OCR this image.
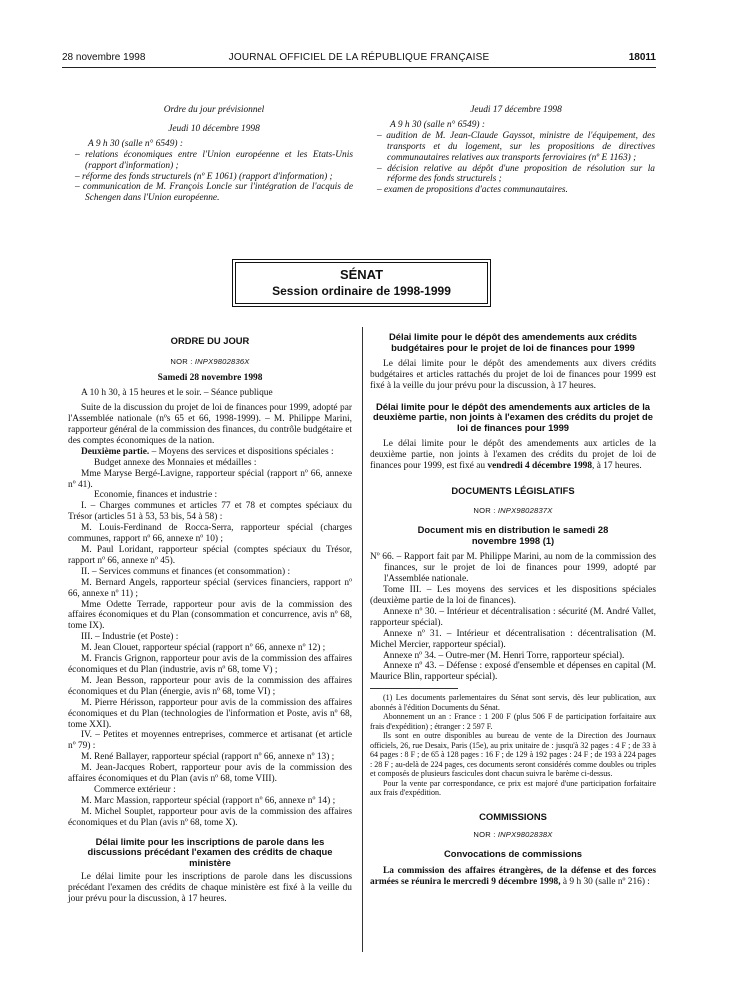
28 novembre 1998	JOURNAL OFFICIEL DE LA RÉPUBLIQUE FRANÇAISE	18011

Ordre du jour prévisionnel

Jeudi 10 décembre 1998

A 9 h 30 (salle n° 6549) :

– relations économiques entre l'Union européenne et les Etats-Unis (rapport d'information) ;

– réforme des fonds structurels (nº E 1061) (rapport d'information) ;

– communication de M. François Loncle sur l'intégration de l'acquis de Schengen dans l'Union européenne.

Jeudi 17 décembre 1998

A 9 h 30 (salle n° 6549) :

– audition de M. Jean-Claude Gayssot, ministre de l'équipement, des transports et du logement, sur les propositions de directives communautaires relatives aux transports ferroviaires (nº E 1163) ;

– décision relative au dépôt d'une proposition de résolution sur la réforme des fonds structurels ;

– examen de propositions d'actes communautaires.

SÉNAT
Session ordinaire de 1998-1999

ORDRE DU JOUR

NOR : INPX9802836X

Samedi 28 novembre 1998

A 10 h 30, à 15 heures et le soir. – Séance publique

Suite de la discussion du projet de loi de finances pour 1999, adopté par l'Assemblée nationale (nºs 65 et 66, 1998-1999). – M. Philippe Marini, rapporteur général de la commission des finances, du contrôle budgétaire et des comptes économiques de la nation.

Deuxième partie. – Moyens des services et dispositions spéciales :

Budget annexe des Monnaies et médailles :

Mme Maryse Bergé-Lavigne, rapporteur spécial (rapport nº 66, annexe nº 41).

Economie, finances et industrie :

I. – Charges communes et articles 77 et 78 et comptes spéciaux du Trésor (articles 51 à 53, 53 bis, 54 à 58) :

M. Louis-Ferdinand de Rocca-Serra, rapporteur spécial (charges communes, rapport nº 66, annexe nº 10) ;

M. Paul Loridant, rapporteur spécial (comptes spéciaux du Trésor, rapport nº 66, annexe nº 45).

II. – Services communs et finances (et consommation) :

M. Bernard Angels, rapporteur spécial (services financiers, rapport nº 66, annexe nº 11) ;

Mme Odette Terrade, rapporteur pour avis de la commission des affaires économiques et du Plan (consommation et concurrence, avis nº 68, tome IX).

III. – Industrie (et Poste) :

M. Jean Clouet, rapporteur spécial (rapport nº 66, annexe nº 12) ;

M. Francis Grignon, rapporteur pour avis de la commission des affaires économiques et du Plan (industrie, avis nº 68, tome V) ;

M. Jean Besson, rapporteur pour avis de la commission des affaires économiques et du Plan (énergie, avis nº 68, tome VI) ;

M. Pierre Hérisson, rapporteur pour avis de la commission des affaires économiques et du Plan (technologies de l'information et Poste, avis nº 68, tome XXI).

IV. – Petites et moyennes entreprises, commerce et artisanat (et article nº 79) :

M. René Ballayer, rapporteur spécial (rapport nº 66, annexe nº 13) ;

M. Jean-Jacques Robert, rapporteur pour avis de la commission des affaires économiques et du Plan (avis nº 68, tome VIII).

Commerce extérieur :

M. Marc Massion, rapporteur spécial (rapport nº 66, annexe nº 14) ;

M. Michel Souplet, rapporteur pour avis de la commission des affaires économiques et du Plan (avis nº 68, tome X).

Délai limite pour les inscriptions de parole dans les discussions précédant l'examen des crédits de chaque ministère

Le délai limite pour les inscriptions de parole dans les discussions précédant l'examen des crédits de chaque ministère est fixé à la veille du jour prévu pour la discussion, à 17 heures.

Délai limite pour le dépôt des amendements aux crédits budgétaires pour le projet de loi de finances pour 1999

Le délai limite pour le dépôt des amendements aux divers crédits budgétaires et articles rattachés du projet de loi de finances pour 1999 est fixé à la veille du jour prévu pour la discussion, à 17 heures.

Délai limite pour le dépôt des amendements aux articles de la deuxième partie, non joints à l'examen des crédits du projet de loi de finances pour 1999

Le délai limite pour le dépôt des amendements aux articles de la deuxième partie, non joints à l'examen des crédits du projet de loi de finances pour 1999, est fixé au vendredi 4 décembre 1998, à 17 heures.

DOCUMENTS LÉGISLATIFS

NOR : INPX9802837X

Document mis en distribution le samedi 28 novembre 1998 (1)

Nº 66. – Rapport fait par M. Philippe Marini, au nom de la commission des finances, sur le projet de loi de finances pour 1999, adopté par l'Assemblée nationale.

Tome III. – Les moyens des services et les dispositions spéciales (deuxième partie de la loi de finances).

Annexe nº 30. – Intérieur et décentralisation : sécurité (M. André Vallet, rapporteur spécial).

Annexe nº 31. – Intérieur et décentralisation : décentralisation (M. Michel Mercier, rapporteur spécial).

Annexe nº 34. – Outre-mer (M. Henri Torre, rapporteur spécial).

Annexe nº 43. – Défense : exposé d'ensemble et dépenses en capital (M. Maurice Blin, rapporteur spécial).

(1) Les documents parlementaires du Sénat sont servis, dès leur publication, aux abonnés à l'édition Documents du Sénat.

Abonnement un an : France : 1 200 F (plus 506 F de participation forfaitaire aux frais d'expédition) ; étranger : 2 597 F.

Ils sont en outre disponibles au bureau de vente de la Direction des Journaux officiels, 26, rue Desaix, Paris (15e), au prix unitaire de : jusqu'à 32 pages : 4 F ; de 33 à 64 pages : 8 F ; de 65 à 128 pages : 16 F ; de 129 à 192 pages : 24 F ; de 193 à 224 pages : 28 F ; au-delà de 224 pages, ces documents seront considérés comme doubles ou triples et composés de plusieurs fascicules dont chacun suivra le barème ci-dessus.

Pour la vente par correspondance, ce prix est majoré d'une participation forfaitaire aux frais d'expédition.

COMMISSIONS

NOR : INPX9802838X

Convocations de commissions

La commission des affaires étrangères, de la défense et des forces armées se réunira le mercredi 9 décembre 1998, à 9 h 30 (salle nº 216) :
